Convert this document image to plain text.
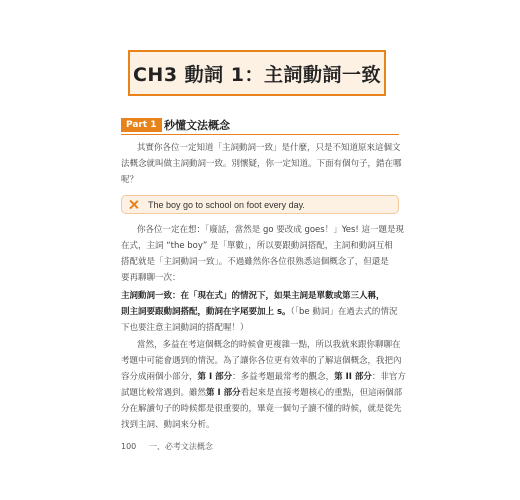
CH3 動詞 1：主詞動詞一致
Part 1 秒懂文法概念
其實你各位一定知道「主詞動詞一致」是什麼，只是不知道原來這個文
法概念就叫做主詞動詞一致。別懷疑，你一定知道。下面有個句子，錯在哪
呢？
The boy go to school on foot every day.
你各位一定在想：「廢話，當然是 go 要改成 goes！」Yes! 這一題是現
在式，主詞 “the boy” 是「單數」，所以要跟動詞搭配，主詞和動詞互相
搭配就是「主詞動詞一致」。不過雖然你各位很熟悉這個概念了，但還是
要再聊聊一次：
主詞動詞一致：在「現在式」的情況下，如果主詞是單數或第三人稱，
則主詞要跟動詞搭配，動詞在字尾要加上 s。（「be 動詞」在過去式的情況
下也要注意主詞動詞的搭配喔！）
當然，多益在考這個概念的時候會更複雜一點，所以我就來跟你聊聊在
考題中可能會遇到的情況。為了讓你各位更有效率的了解這個概念，我把內
容分成兩個小部分，第 I 部分：多益考題最常考的觀念，第 II 部分：非官方
試題比較常遇到。雖然第 I 部分看起來是直接考題核心的重點，但這兩個部
分在解讀句子的時候都是很重要的，畢竟一個句子讀不懂的時候，就是從先
找到主詞、動詞來分析。
100 一、必考文法概念
